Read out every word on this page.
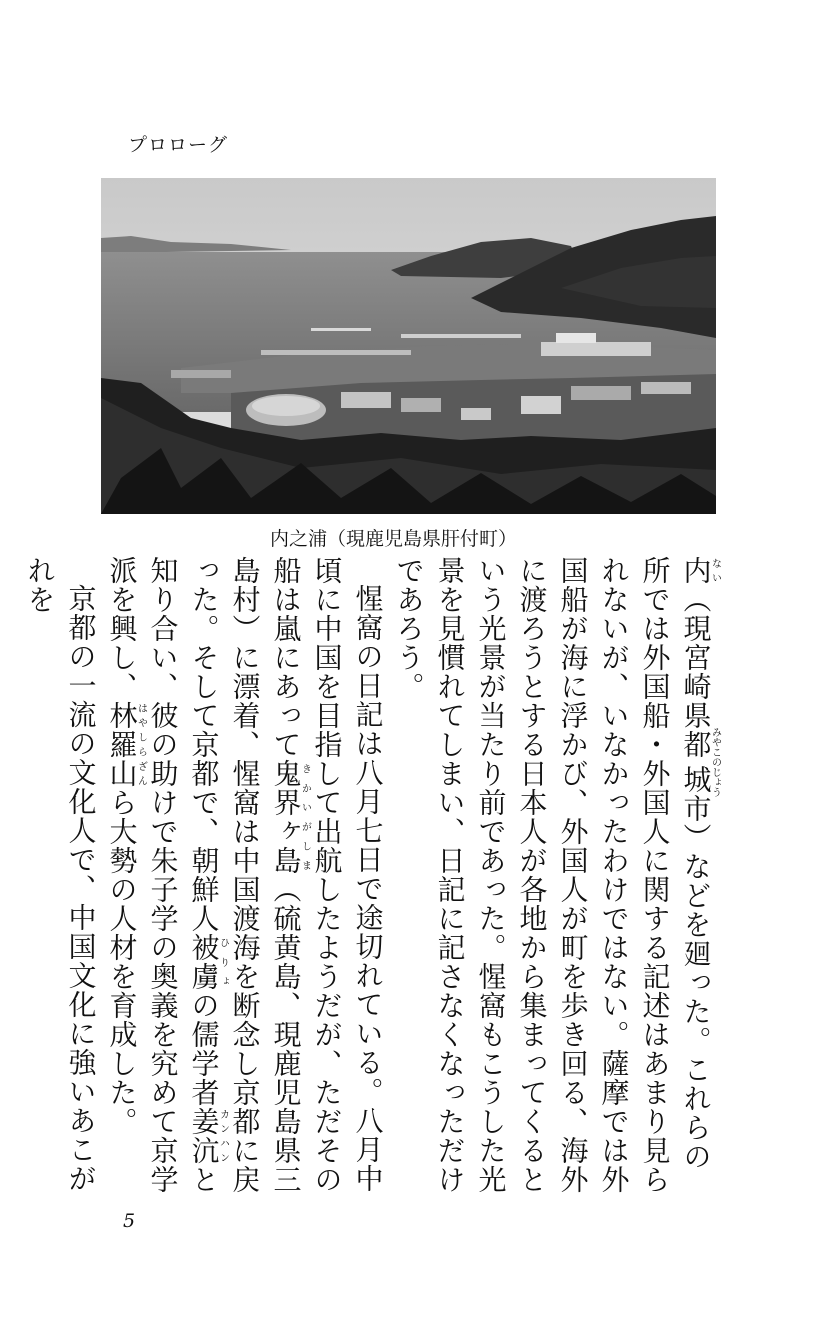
プロローグ
内之浦（現鹿児島県肝付町）

内ない（現宮崎県都城みやこのじょう市）などを廻った。これらの所では外国船・外国人に関する記述はあまり見られないが、いなかったわけではない。薩摩では外国船が海に浮かび、外国人が町を歩き回る、海外に渡ろうとする日本人が各地から集まってくるという光景が当たり前であった。惺窩もこうした光景を見慣れてしまい、日記に記さなくなっただけであろう。

惺窩の日記は八月七日で途切れている。八月中頃に中国を目指して出航したようだが、ただその船は嵐にあって鬼界ヶ島きかいがしま（硫黄島、現鹿児島県三島村）に漂着、惺窩は中国渡海を断念し京都に戻った。そして京都で、朝鮮人被虜ひりょの儒学者姜沆カンハンと知り合い、彼の助けで朱子学の奥義を究めて京学派を興し、林羅山はやしらざんら大勢の人材を育成した。

京都の一流の文化人で、中国文化に強いあこがれを

5
